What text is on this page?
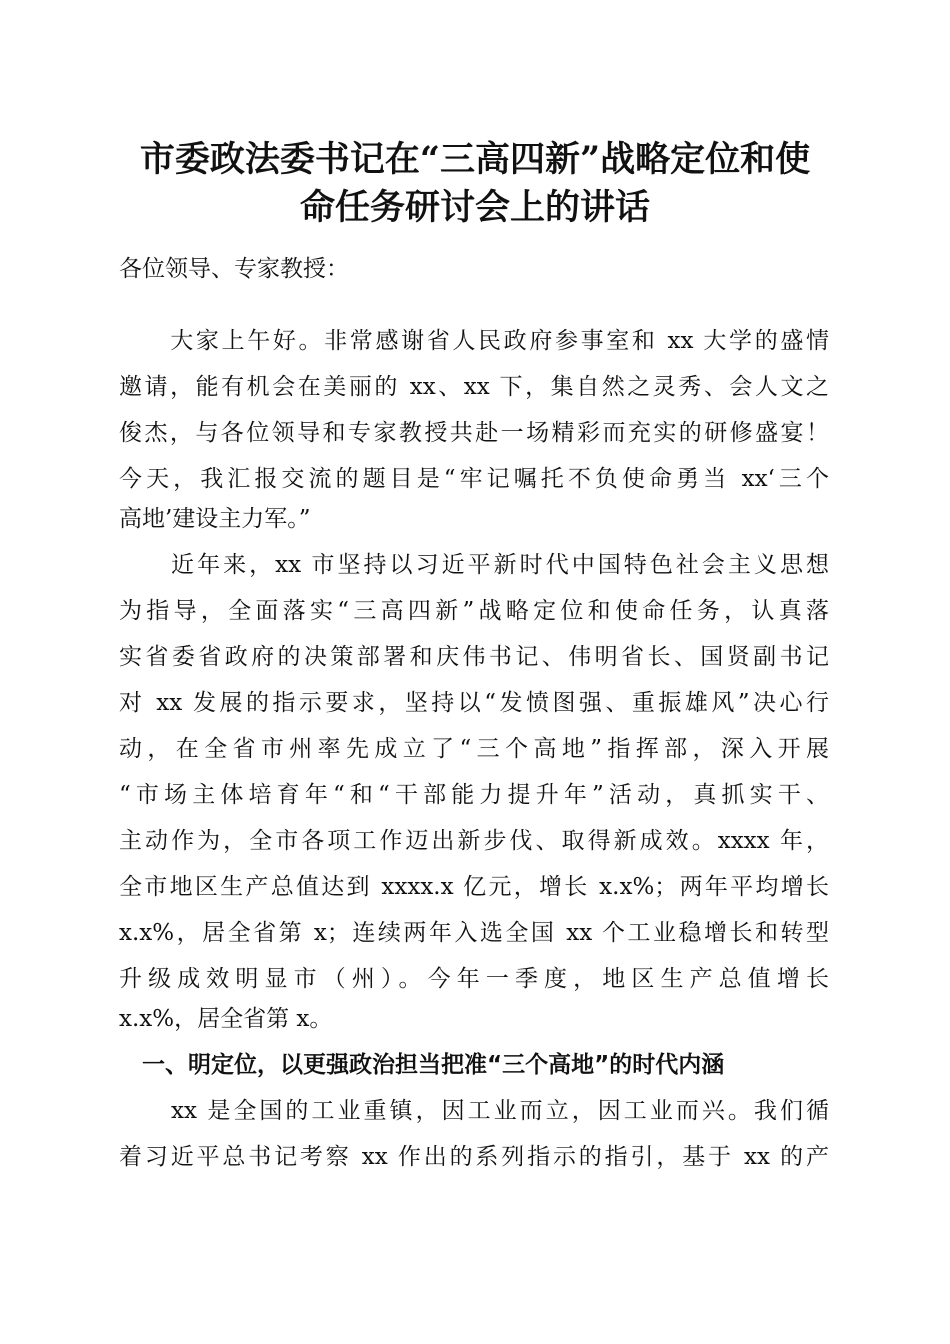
市委政法委书记在“三高四新”战略定位和使
命任务研讨会上的讲话
各位领导、专家教授：
　　大家上午好。非常感谢省人民政府参事室和 xx 大学的盛情
邀请，能有机会在美丽的 xx、xx 下，集自然之灵秀、会人文之
俊杰，与各位领导和专家教授共赴一场精彩而充实的研修盛宴！
今天，我汇报交流的题目是“牢记嘱托不负使命勇当 xx‘三个
高地’建设主力军。”
　　近年来，xx 市坚持以习近平新时代中国特色社会主义思想
为指导，全面落实“三高四新”战略定位和使命任务，认真落
实省委省政府的决策部署和庆伟书记、伟明省长、国贤副书记
对 xx 发展的指示要求，坚持以“发愤图强、重振雄风”决心行
动，在全省市州率先成立了“三个高地”指挥部，深入开展
“市场主体培育年“和“干部能力提升年”活动，真抓实干、
主动作为，全市各项工作迈出新步伐、取得新成效。xxxx 年，
全市地区生产总值达到 xxxx.x 亿元，增长 x.x%；两年平均增长
x.x%，居全省第 x；连续两年入选全国 xx 个工业稳增长和转型
升级成效明显市（州）。今年一季度，地区生产总值增长
x.x%，居全省第 x。
　一、明定位，以更强政治担当把准“三个高地”的时代内涵
　　xx 是全国的工业重镇，因工业而立，因工业而兴。我们循
着习近平总书记考察 xx 作出的系列指示的指引，基于 xx 的产
